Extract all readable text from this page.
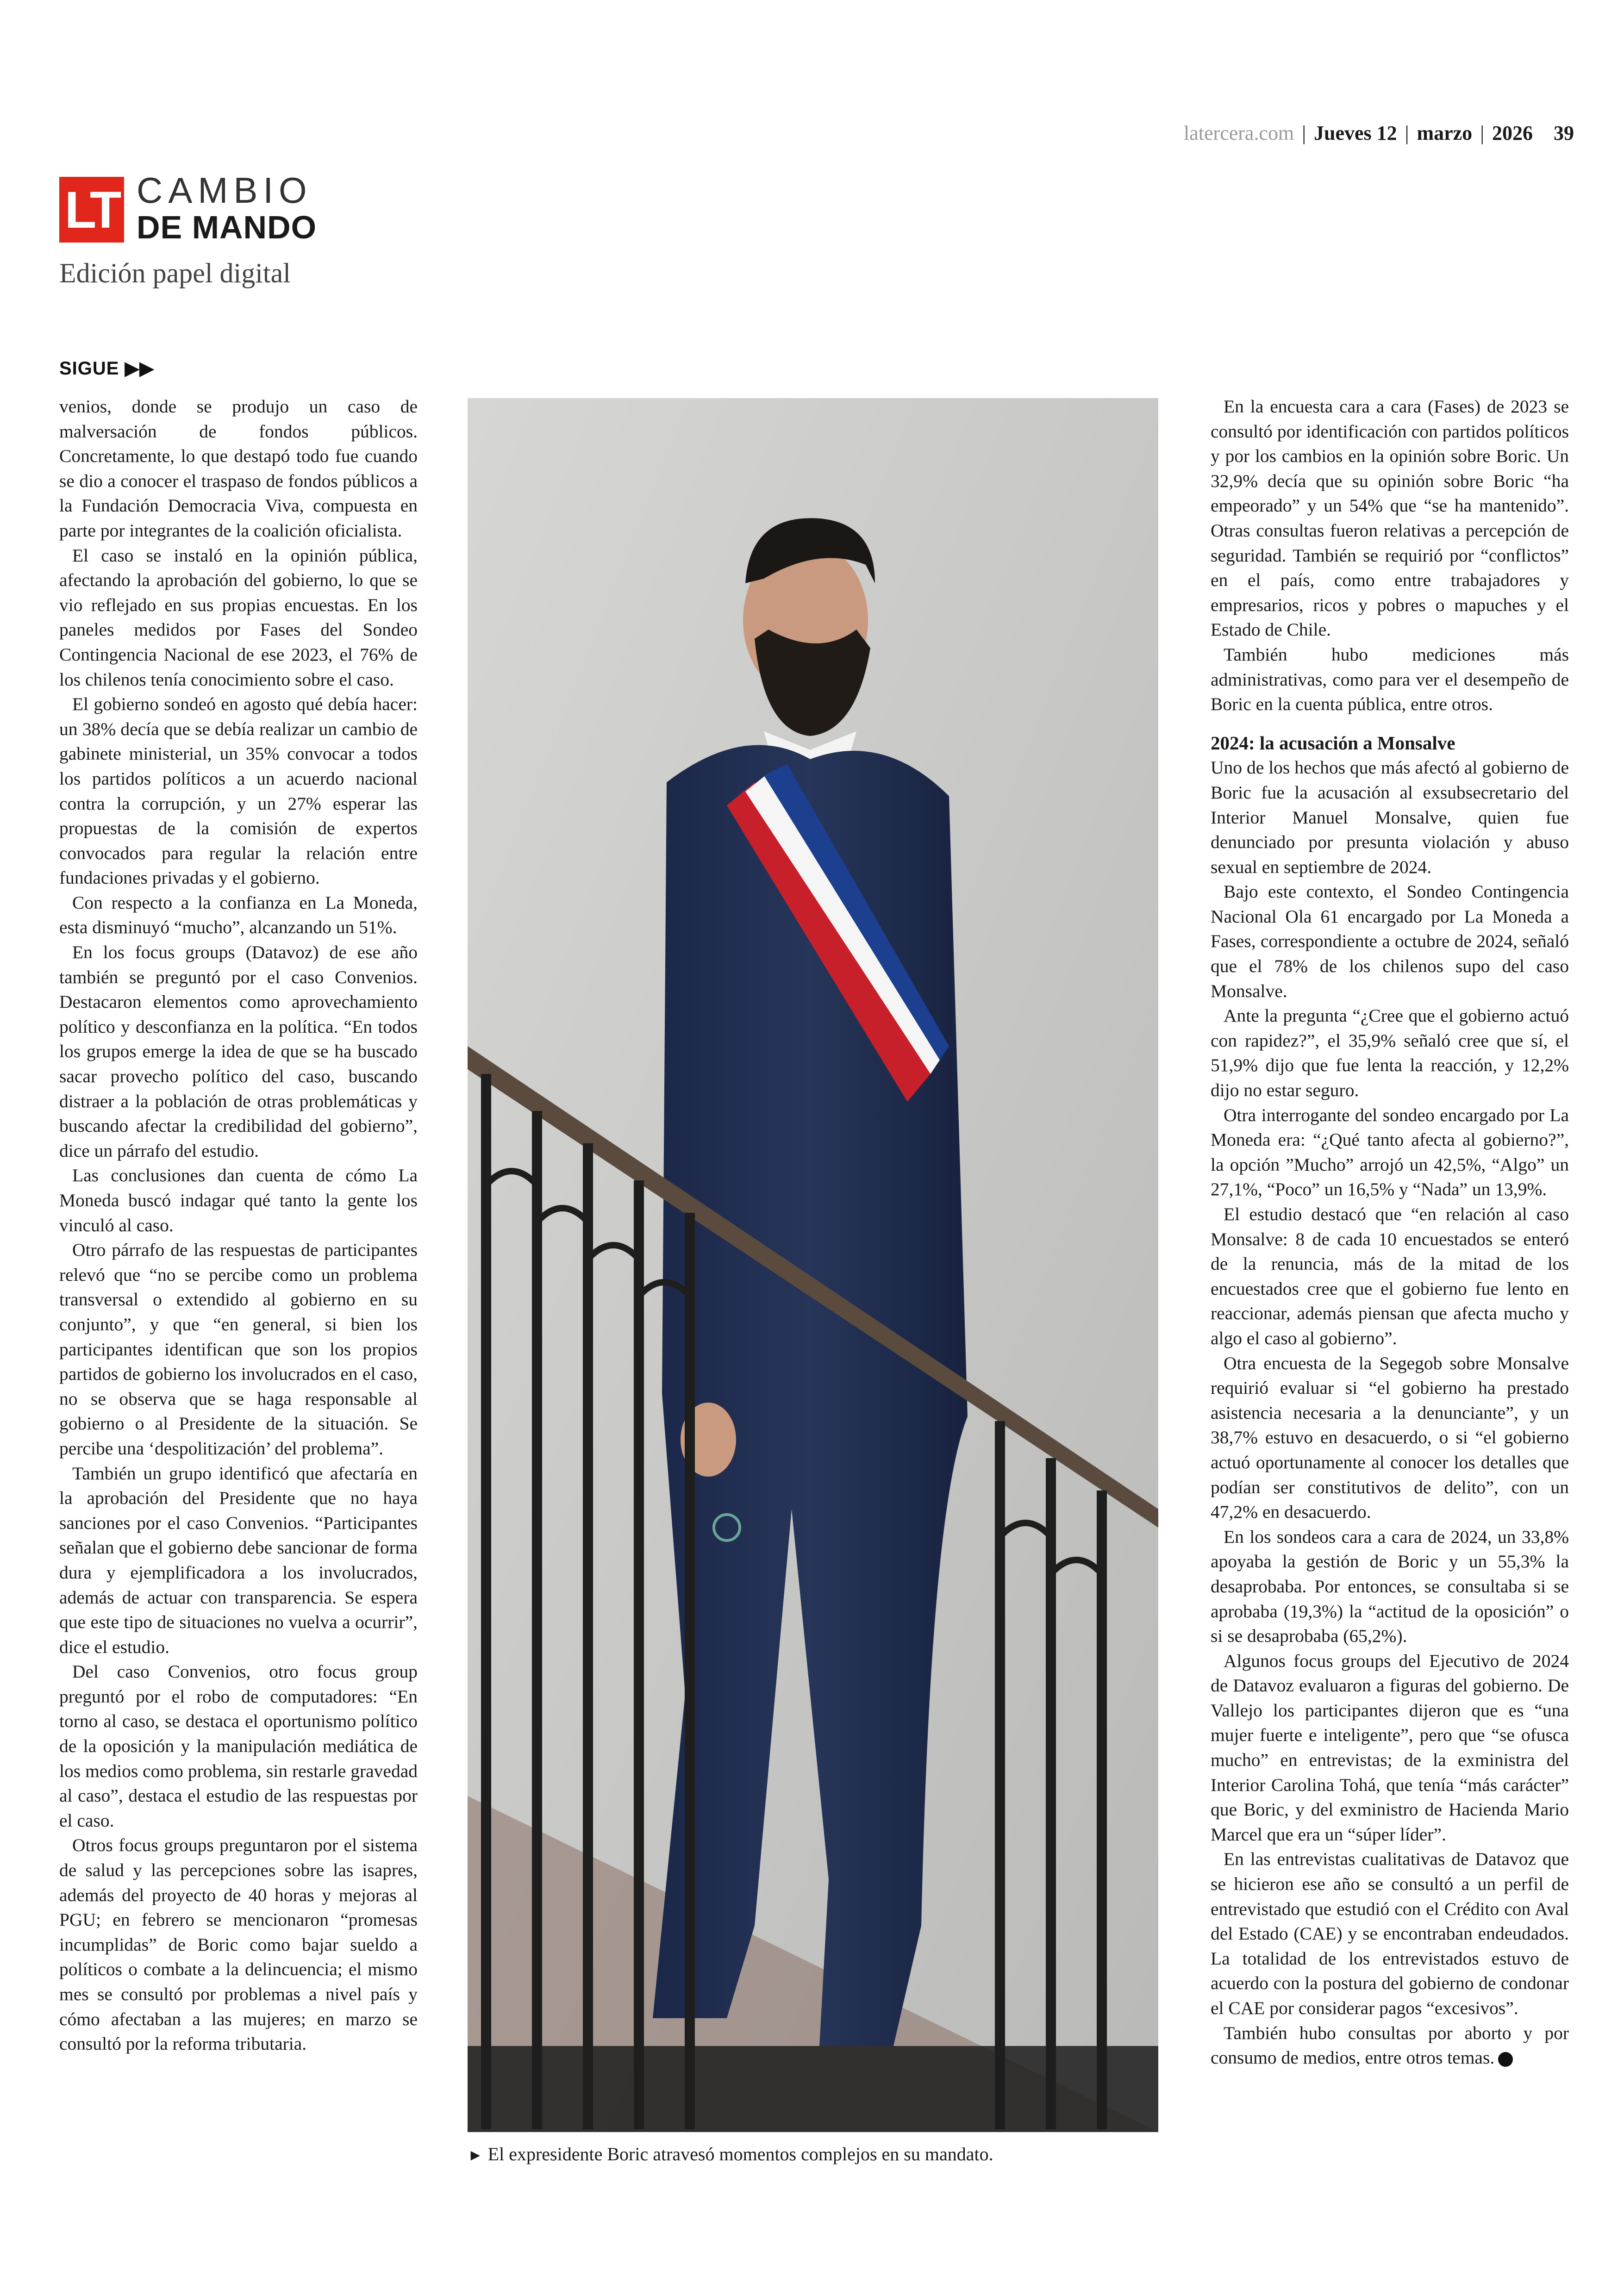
latercera.com | Jueves 12 | marzo | 2026 39
LT CAMBIO
DE MANDO
Edición papel digital
SIGUE ▶▶

venios, donde se produjo un caso de malversación de fondos públicos. Concretamente, lo que destapó todo fue cuando se dio a conocer el traspaso de fondos públicos a la Fundación Democracia Viva, compuesta en parte por integrantes de la coalición oficialista.

El caso se instaló en la opinión pública, afectando la aprobación del gobierno, lo que se vio reflejado en sus propias encuestas. En los paneles medidos por Fases del Sondeo Contingencia Nacional de ese 2023, el 76% de los chilenos tenía conocimiento sobre el caso.

El gobierno sondeó en agosto qué debía hacer: un 38% decía que se debía realizar un cambio de gabinete ministerial, un 35% convocar a todos los partidos políticos a un acuerdo nacional contra la corrupción, y un 27% esperar las propuestas de la comisión de expertos convocados para regular la relación entre fundaciones privadas y el gobierno.

Con respecto a la confianza en La Moneda, esta disminuyó “mucho”, alcanzando un 51%.

En los focus groups (Datavoz) de ese año también se preguntó por el caso Convenios. Destacaron elementos como aprovechamiento político y desconfianza en la política. “En todos los grupos emerge la idea de que se ha buscado sacar provecho político del caso, buscando distraer a la población de otras problemáticas y buscando afectar la credibilidad del gobierno”, dice un párrafo del estudio.

Las conclusiones dan cuenta de cómo La Moneda buscó indagar qué tanto la gente los vinculó al caso.

Otro párrafo de las respuestas de participantes relevó que “no se percibe como un problema transversal o extendido al gobierno en su conjunto”, y que “en general, si bien los participantes identifican que son los propios partidos de gobierno los involucrados en el caso, no se observa que se haga responsable al gobierno o al Presidente de la situación. Se percibe una ‘despolitización’ del problema”.

También un grupo identificó que afectaría en la aprobación del Presidente que no haya sanciones por el caso Convenios. “Participantes señalan que el gobierno debe sancionar de forma dura y ejemplificadora a los involucrados, además de actuar con transparencia. Se espera que este tipo de situaciones no vuelva a ocurrir”, dice el estudio.

Del caso Convenios, otro focus group preguntó por el robo de computadores: “En torno al caso, se destaca el oportunismo político de la oposición y la manipulación mediática de los medios como problema, sin restarle gravedad al caso”, destaca el estudio de las respuestas por el caso.

Otros focus groups preguntaron por el sistema de salud y las percepciones sobre las isapres, además del proyecto de 40 horas y mejoras al PGU; en febrero se mencionaron “promesas incumplidas” de Boric como bajar sueldo a políticos o combate a la delincuencia; el mismo mes se consultó por problemas a nivel país y cómo afectaban a las mujeres; en marzo se consultó por la reforma tributaria.

► El expresidente Boric atravesó momentos complejos en su mandato.

En la encuesta cara a cara (Fases) de 2023 se consultó por identificación con partidos políticos y por los cambios en la opinión sobre Boric. Un 32,9% decía que su opinión sobre Boric “ha empeorado” y un 54% que “se ha mantenido”. Otras consultas fueron relativas a percepción de seguridad. También se requirió por “conflictos” en el país, como entre trabajadores y empresarios, ricos y pobres o mapuches y el Estado de Chile.

También hubo mediciones más administrativas, como para ver el desempeño de Boric en la cuenta pública, entre otros.

2024: la acusación a Monsalve

Uno de los hechos que más afectó al gobierno de Boric fue la acusación al exsubsecretario del Interior Manuel Monsalve, quien fue denunciado por presunta violación y abuso sexual en septiembre de 2024.

Bajo este contexto, el Sondeo Contingencia Nacional Ola 61 encargado por La Moneda a Fases, correspondiente a octubre de 2024, señaló que el 78% de los chilenos supo del caso Monsalve.

Ante la pregunta “¿Cree que el gobierno actuó con rapidez?”, el 35,9% señaló cree que sí, el 51,9% dijo que fue lenta la reacción, y 12,2% dijo no estar seguro.

Otra interrogante del sondeo encargado por La Moneda era: “¿Qué tanto afecta al gobierno?”, la opción ”Mucho” arrojó un 42,5%, “Algo” un 27,1%, “Poco” un 16,5% y “Nada” un 13,9%.

El estudio destacó que “en relación al caso Monsalve: 8 de cada 10 encuestados se enteró de la renuncia, más de la mitad de los encuestados cree que el gobierno fue lento en reaccionar, además piensan que afecta mucho y algo el caso al gobierno”.

Otra encuesta de la Segegob sobre Monsalve requirió evaluar si “el gobierno ha prestado asistencia necesaria a la denunciante”, y un 38,7% estuvo en desacuerdo, o si “el gobierno actuó oportunamente al conocer los detalles que podían ser constitutivos de delito”, con un 47,2% en desacuerdo.

En los sondeos cara a cara de 2024, un 33,8% apoyaba la gestión de Boric y un 55,3% la desaprobaba. Por entonces, se consultaba si se aprobaba (19,3%) la “actitud de la oposición” o si se desaprobaba (65,2%).

Algunos focus groups del Ejecutivo de 2024 de Datavoz evaluaron a figuras del gobierno. De Vallejo los participantes dijeron que es “una mujer fuerte e inteligente”, pero que “se ofusca mucho” en entrevistas; de la exministra del Interior Carolina Tohá, que tenía “más carácter” que Boric, y del exministro de Hacienda Mario Marcel que era un “súper líder”.

En las entrevistas cualitativas de Datavoz que se hicieron ese año se consultó a un perfil de entrevistado que estudió con el Crédito con Aval del Estado (CAE) y se encontraban endeudados. La totalidad de los entrevistados estuvo de acuerdo con la postura del gobierno de condonar el CAE por considerar pagos “excesivos”.

También hubo consultas por aborto y por consumo de medios, entre otros temas.
